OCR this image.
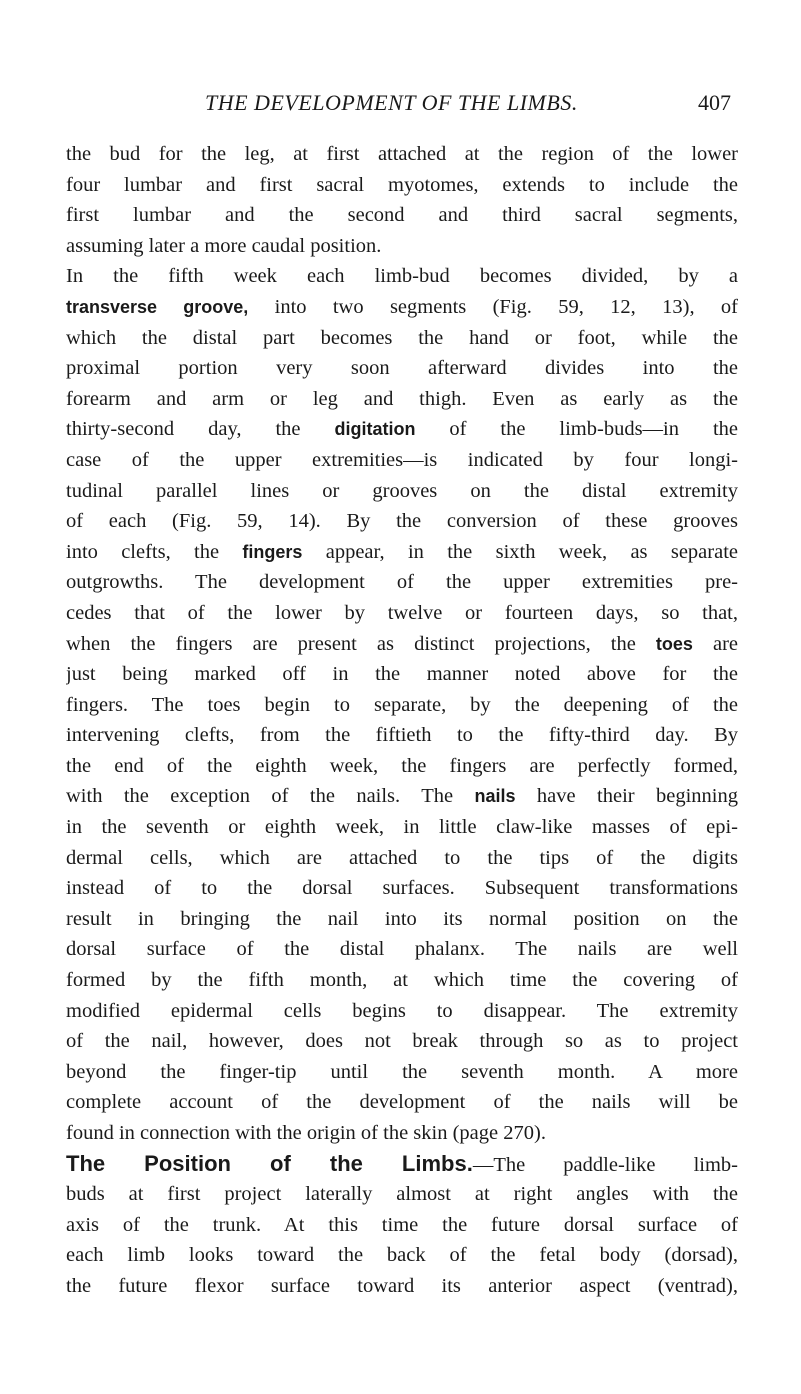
THE DEVELOPMENT OF THE LIMBS.	407
the bud for the leg, at first attached at the region of the lower
four lumbar and first sacral myotomes, extends to include the
first lumbar and the second and third sacral segments,
assuming later a more caudal position.
In the fifth week each limb-bud becomes divided, by a
transverse groove, into two segments (Fig. 59, 12, 13), of
which the distal part becomes the hand or foot, while the
proximal portion very soon afterward divides into the
forearm and arm or leg and thigh. Even as early as the
thirty-second day, the digitation of the limb-buds—in the
case of the upper extremities—is indicated by four longi-
tudinal parallel lines or grooves on the distal extremity
of each (Fig. 59, 14). By the conversion of these grooves
into clefts, the fingers appear, in the sixth week, as separate
outgrowths. The development of the upper extremities pre-
cedes that of the lower by twelve or fourteen days, so that,
when the fingers are present as distinct projections, the toes are
just being marked off in the manner noted above for the
fingers. The toes begin to separate, by the deepening of the
intervening clefts, from the fiftieth to the fifty-third day. By
the end of the eighth week, the fingers are perfectly formed,
with the exception of the nails. The nails have their beginning
in the seventh or eighth week, in little claw-like masses of epi-
dermal cells, which are attached to the tips of the digits
instead of to the dorsal surfaces. Subsequent transformations
result in bringing the nail into its normal position on the
dorsal surface of the distal phalanx. The nails are well
formed by the fifth month, at which time the covering of
modified epidermal cells begins to disappear. The extremity
of the nail, however, does not break through so as to project
beyond the finger-tip until the seventh month. A more
complete account of the development of the nails will be
found in connection with the origin of the skin (page 270).
The Position of the Limbs.—The paddle-like limb-
buds at first project laterally almost at right angles with the
axis of the trunk. At this time the future dorsal surface of
each limb looks toward the back of the fetal body (dorsad),
the future flexor surface toward its anterior aspect (ventrad),
